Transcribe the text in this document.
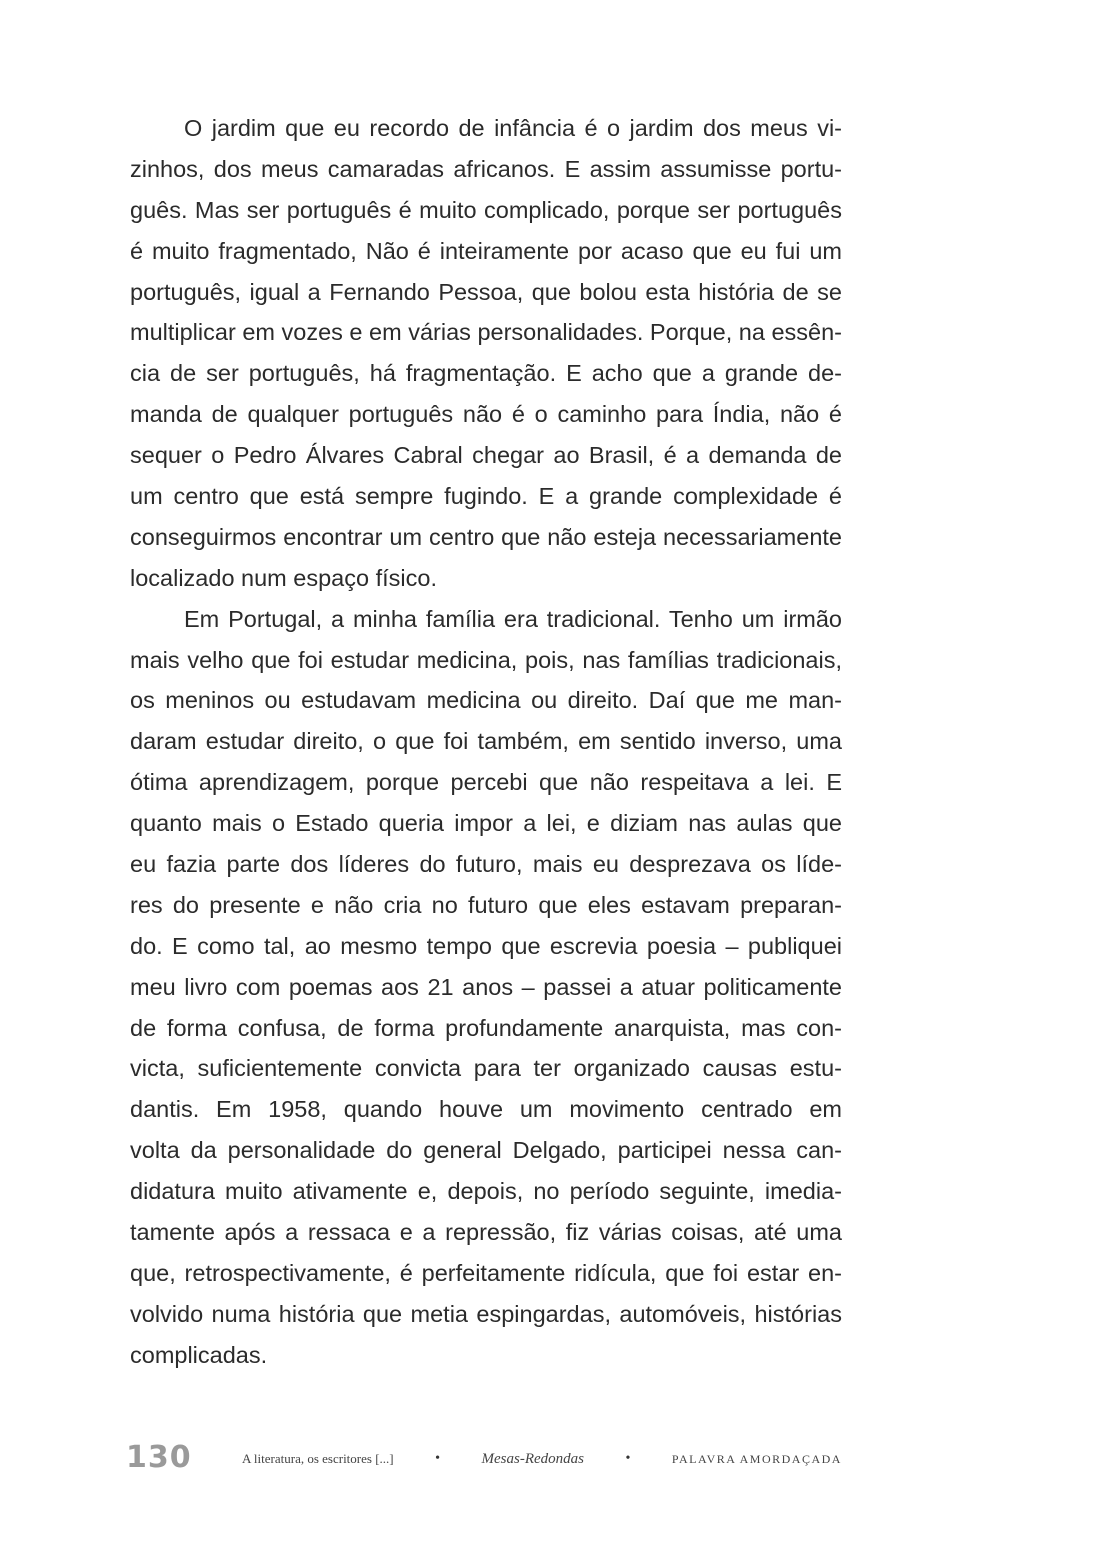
O jardim que eu recordo de infância é o jardim dos meus vi-
zinhos, dos meus camaradas africanos. E assim assumisse portu-
guês. Mas ser português é muito complicado, porque ser português
é muito fragmentado, Não é inteiramente por acaso que eu fui um
português, igual a Fernando Pessoa, que bolou esta história de se
multiplicar em vozes e em várias personalidades. Porque, na essên-
cia de ser português, há fragmentação. E acho que a grande de-
manda de qualquer português não é o caminho para Índia, não é
sequer o Pedro Álvares Cabral chegar ao Brasil, é a demanda de
um centro que está sempre fugindo. E a grande complexidade é
conseguirmos encontrar um centro que não esteja necessariamente
localizado num espaço físico.
Em Portugal, a minha família era tradicional. Tenho um irmão
mais velho que foi estudar medicina, pois, nas famílias tradicionais,
os meninos ou estudavam medicina ou direito. Daí que me man-
daram estudar direito, o que foi também, em sentido inverso, uma
ótima aprendizagem, porque percebi que não respeitava a lei. E
quanto mais o Estado queria impor a lei, e diziam nas aulas que
eu fazia parte dos líderes do futuro, mais eu desprezava os líde-
res do presente e não cria no futuro que eles estavam preparan-
do. E como tal, ao mesmo tempo que escrevia poesia – publiquei
meu livro com poemas aos 21 anos – passei a atuar politicamente
de forma confusa, de forma profundamente anarquista, mas con-
victa, suficientemente convicta para ter organizado causas estu-
dantis. Em 1958, quando houve um movimento centrado em
volta da personalidade do general Delgado, participei nessa can-
didatura muito ativamente e, depois, no período seguinte, imedia-
tamente após a ressaca e a repressão, fiz várias coisas, até uma
que, retrospectivamente, é perfeitamente ridícula, que foi estar en-
volvido numa história que metia espingardas, automóveis, histórias
complicadas.
130	A literatura, os escritores [...]	•	Mesas-Redondas	•	PALAVRA AMORDAÇADA
